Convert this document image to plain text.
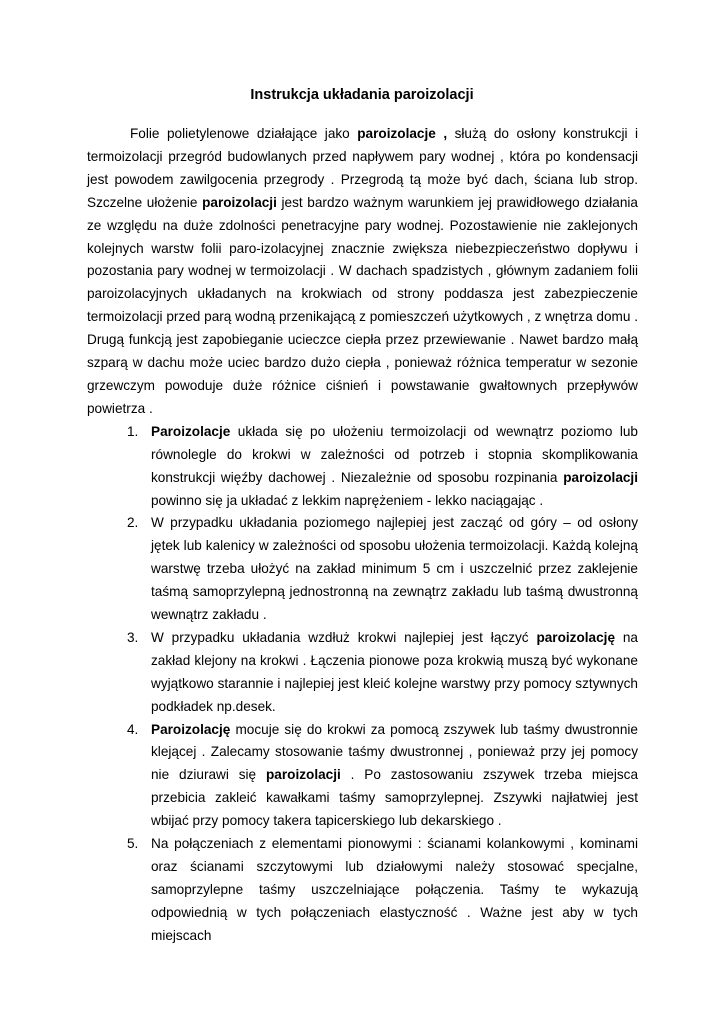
Instrukcja układania paroizolacji

Folie polietylenowe działające jako paroizolacje , służą do osłony konstrukcji i termoizolacji przegród budowlanych przed napływem pary wodnej , która po kondensacji jest powodem zawilgocenia przegrody . Przegrodą tą może być dach, ściana lub strop. Szczelne ułożenie paroizolacji jest bardzo ważnym warunkiem jej prawidłowego działania ze względu na duże zdolności penetracyjne pary wodnej. Pozostawienie nie zaklejonych kolejnych warstw folii paro-izolacyjnej znacznie zwiększa niebezpieczeństwo dopływu i pozostania pary wodnej w termoizolacji . W dachach spadzistych , głównym zadaniem folii paroizolacyjnych układanych na krokwiach od strony poddasza jest zabezpieczenie termoizolacji przed parą wodną przenikającą z pomieszczeń użytkowych , z wnętrza domu . Drugą funkcją jest zapobieganie ucieczce ciepła przez przewiewanie . Nawet bardzo małą szparą w dachu może uciec bardzo dużo ciepła , ponieważ różnica temperatur w sezonie grzewczym powoduje duże różnice ciśnień i powstawanie gwałtownych przepływów powietrza .

1. Paroizolacje układa się po ułożeniu termoizolacji od wewnątrz poziomo lub równolegle do krokwi w zależności od potrzeb i stopnia skomplikowania konstrukcji więźby dachowej . Niezależnie od sposobu rozpinania paroizolacji powinno się ja układać z lekkim naprężeniem - lekko naciągając .
2. W przypadku układania poziomego najlepiej jest zacząć od góry – od osłony jętek lub kalenicy w zależności od sposobu ułożenia termoizolacji. Każdą kolejną warstwę trzeba ułożyć na zakład minimum 5 cm i uszczelnić przez zaklejenie taśmą samoprzylepną jednostronną na zewnątrz zakładu lub taśmą dwustronną wewnątrz zakładu .
3. W przypadku układania wzdłuż krokwi najlepiej jest łączyć paroizolację na zakład klejony na krokwi . Łączenia pionowe poza krokwią muszą być wykonane wyjątkowo starannie i najlepiej jest kleić kolejne warstwy przy pomocy sztywnych podkładek np.desek.
4. Paroizolację mocuje się do krokwi za pomocą zszywek lub taśmy dwustronnie klejącej . Zalecamy stosowanie taśmy dwustronnej , ponieważ przy jej pomocy nie dziurawi się paroizolacji . Po zastosowaniu zszywek trzeba miejsca przebicia zakleić kawałkami taśmy samoprzylepnej. Zszywki najłatwiej jest wbijać przy pomocy takera tapicerskiego lub dekarskiego .
5. Na połączeniach z elementami pionowymi : ścianami kolankowymi , kominami oraz ścianami szczytowymi lub działowymi należy stosować specjalne, samoprzylepne taśmy uszczelniające połączenia. Taśmy te wykazują odpowiednią w tych połączeniach elastyczność . Ważne jest aby w tych miejscach
